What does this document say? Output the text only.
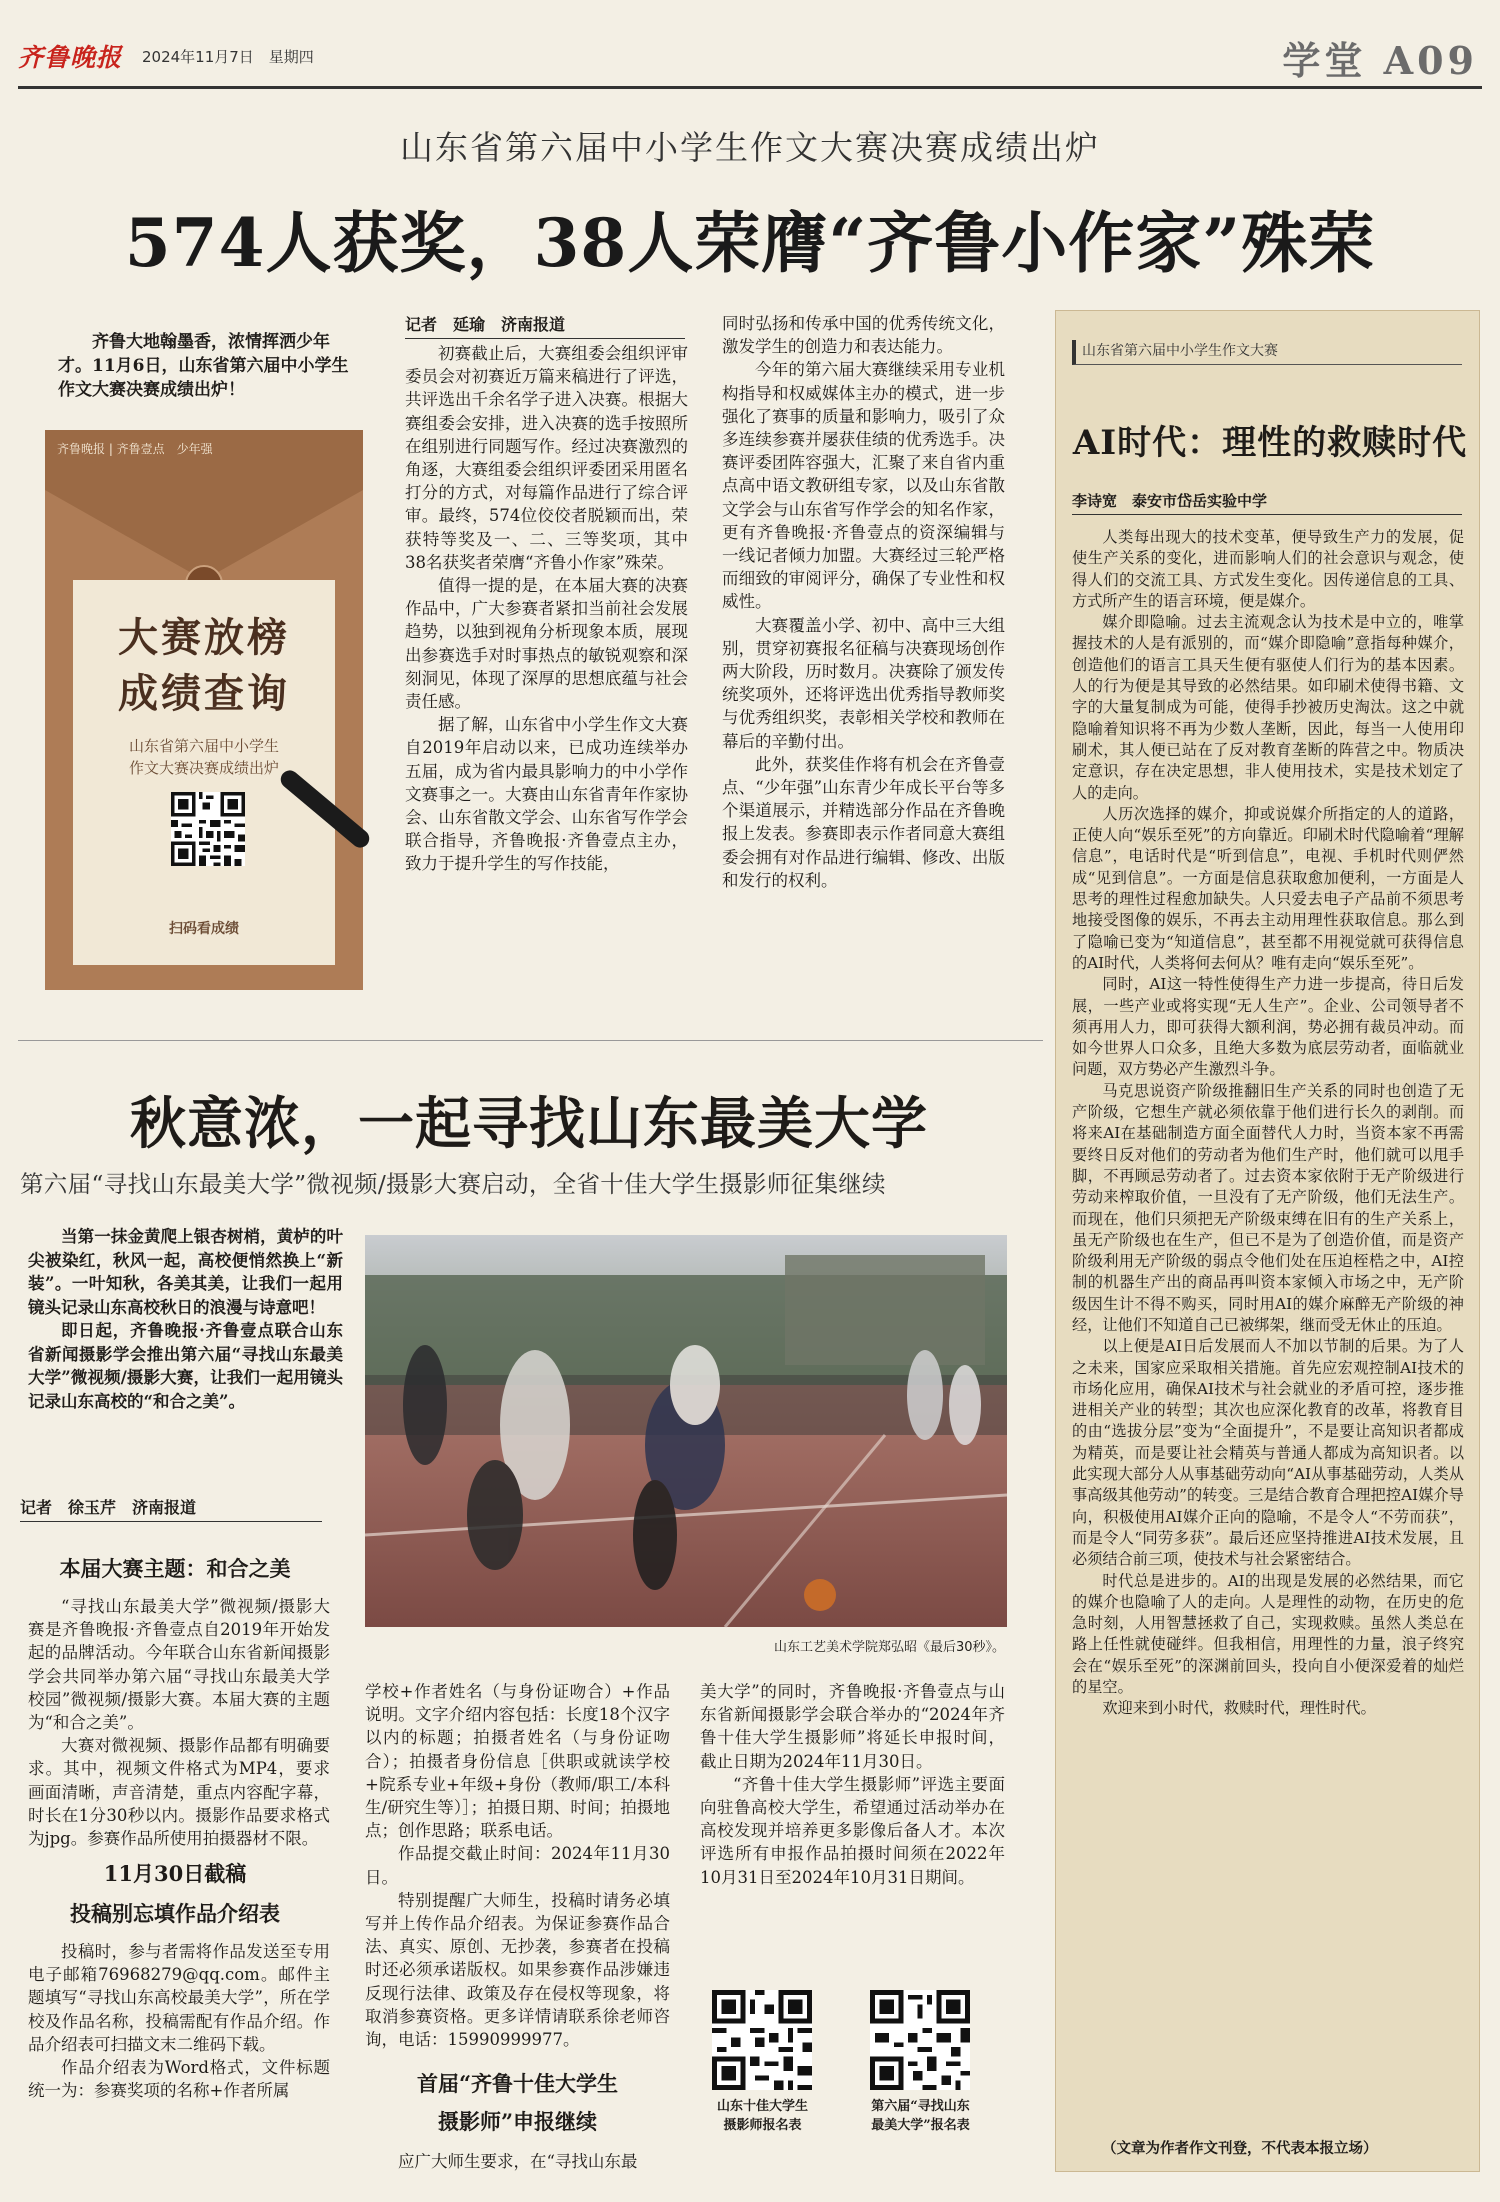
齐鲁晚报 2024年11月7日　星期四	学堂 A09
山东省第六届中小学生作文大赛决赛成绩出炉
574人获奖，38人荣膺“齐鲁小作家”殊荣

齐鲁大地翰墨香，浓情挥洒少年才。11月6日，山东省第六届中小学生作文大赛决赛成绩出炉！

齐鲁晚报 | 齐鲁壹点　少年强
大赛放榜
成绩查询
山东省第六届中小学生
作文大赛决赛成绩出炉
扫码看成绩
记者　延瑜　济南报道

初赛截止后，大赛组委会组织评审委员会对初赛近万篇来稿进行了评选，共评选出千余名学子进入决赛。根据大赛组委会安排，进入决赛的选手按照所在组别进行同题写作。经过决赛激烈的角逐，大赛组委会组织评委团采用匿名打分的方式，对每篇作品进行了综合评审。最终，574位佼佼者脱颖而出，荣获特等奖及一、二、三等奖项，其中38名获奖者荣膺“齐鲁小作家”殊荣。

值得一提的是，在本届大赛的决赛作品中，广大参赛者紧扣当前社会发展趋势，以独到视角分析现象本质，展现出参赛选手对时事热点的敏锐观察和深刻洞见，体现了深厚的思想底蕴与社会责任感。

据了解，山东省中小学生作文大赛自2019年启动以来，已成功连续举办五届，成为省内最具影响力的中小学作文赛事之一。大赛由山东省青年作家协会、山东省散文学会、山东省写作学会联合指导，齐鲁晚报·齐鲁壹点主办，致力于提升学生的写作技能，

同时弘扬和传承中国的优秀传统文化，激发学生的创造力和表达能力。

今年的第六届大赛继续采用专业机构指导和权威媒体主办的模式，进一步强化了赛事的质量和影响力，吸引了众多连续参赛并屡获佳绩的优秀选手。决赛评委团阵容强大，汇聚了来自省内重点高中语文教研组专家，以及山东省散文学会与山东省写作学会的知名作家，更有齐鲁晚报·齐鲁壹点的资深编辑与一线记者倾力加盟。大赛经过三轮严格而细致的审阅评分，确保了专业性和权威性。

大赛覆盖小学、初中、高中三大组别，贯穿初赛报名征稿与决赛现场创作两大阶段，历时数月。决赛除了颁发传统奖项外，还将评选出优秀指导教师奖与优秀组织奖，表彰相关学校和教师在幕后的辛勤付出。

此外，获奖佳作将有机会在齐鲁壹点、“少年强”山东青少年成长平台等多个渠道展示，并精选部分作品在齐鲁晚报上发表。参赛即表示作者同意大赛组委会拥有对作品进行编辑、修改、出版和发行的权利。

山东省第六届中小学生作文大赛
AI时代：理性的救赎时代
李诗宽　泰安市岱岳实验中学

人类每出现大的技术变革，便导致生产力的发展，促使生产关系的变化，进而影响人们的社会意识与观念，使得人们的交流工具、方式发生变化。因传递信息的工具、方式所产生的语言环境，便是媒介。

媒介即隐喻。过去主流观念认为技术是中立的，唯掌握技术的人是有派别的，而“媒介即隐喻”意指每种媒介，创造他们的语言工具天生便有驱使人们行为的基本因素。人的行为便是其导致的必然结果。如印刷术使得书籍、文字的大量复制成为可能，使得手抄被历史淘汰。这之中就隐喻着知识将不再为少数人垄断，因此，每当一人使用印刷术，其人便已站在了反对教育垄断的阵营之中。物质决定意识，存在决定思想，非人使用技术，实是技术划定了人的走向。

人历次选择的媒介，抑或说媒介所指定的人的道路，正使人向“娱乐至死”的方向靠近。印刷术时代隐喻着“理解信息”，电话时代是“听到信息”，电视、手机时代则俨然成“见到信息”。一方面是信息获取愈加便利，一方面是人思考的理性过程愈加缺失。人只爱去电子产品前不须思考地接受图像的娱乐，不再去主动用理性获取信息。那么到了隐喻已变为“知道信息”，甚至都不用视觉就可获得信息的AI时代，人类将何去何从？唯有走向“娱乐至死”。

同时，AI这一特性使得生产力进一步提高，待日后发展，一些产业或将实现“无人生产”。企业、公司领导者不须再用人力，即可获得大额利润，势必拥有裁员冲动。而如今世界人口众多，且绝大多数为底层劳动者，面临就业问题，双方势必产生激烈斗争。

马克思说资产阶级推翻旧生产关系的同时也创造了无产阶级，它想生产就必须依靠于他们进行长久的剥削。而将来AI在基础制造方面全面替代人力时，当资本家不再需要终日反对他们的劳动者为他们生产时，他们就可以甩手脚，不再顾忌劳动者了。过去资本家依附于无产阶级进行劳动来榨取价值，一旦没有了无产阶级，他们无法生产。而现在，他们只须把无产阶级束缚在旧有的生产关系上，虽无产阶级也在生产，但已不是为了创造价值，而是资产阶级利用无产阶级的弱点令他们处在压迫桎梏之中，AI控制的机器生产出的商品再叫资本家倾入市场之中，无产阶级因生计不得不购买，同时用AI的媒介麻醉无产阶级的神经，让他们不知道自己已被绑架，继而受无休止的压迫。

以上便是AI日后发展而人不加以节制的后果。为了人之未来，国家应采取相关措施。首先应宏观控制AI技术的市场化应用，确保AI技术与社会就业的矛盾可控，逐步推进相关产业的转型；其次也应深化教育的改革，将教育目的由“选拔分层”变为“全面提升”，不是要让高知识者都成为精英，而是要让社会精英与普通人都成为高知识者。以此实现大部分人从事基础劳动向“AI从事基础劳动，人类从事高级其他劳动”的转变。三是结合教育合理把控AI媒介导向，积极使用AI媒介正向的隐喻，不是令人“不劳而获”，而是令人“同劳多获”。最后还应坚持推进AI技术发展，且必须结合前三项，使技术与社会紧密结合。

时代总是进步的。AI的出现是发展的必然结果，而它的媒介也隐喻了人的走向。人是理性的动物，在历史的危急时刻，人用智慧拯救了自己，实现救赎。虽然人类总在路上任性就使碰绊。但我相信，用理性的力量，浪子终究会在“娱乐至死”的深渊前回头，投向自小便深爱着的灿烂的星空。

欢迎来到小时代，救赎时代，理性时代。

（文章为作者作文刊登，不代表本报立场）
秋意浓，一起寻找山东最美大学
第六届“寻找山东最美大学”微视频/摄影大赛启动，全省十佳大学生摄影师征集继续

当第一抹金黄爬上银杏树梢，黄栌的叶尖被染红，秋风一起，高校便悄然换上“新装”。一叶知秋，各美其美，让我们一起用镜头记录山东高校秋日的浪漫与诗意吧！

即日起，齐鲁晚报·齐鲁壹点联合山东省新闻摄影学会推出第六届“寻找山东最美大学”微视频/摄影大赛，让我们一起用镜头记录山东高校的“和合之美”。

记者　徐玉芹　济南报道
山东工艺美术学院郑弘昭《最后30秒》。
本届大赛主题：和合之美

“寻找山东最美大学”微视频/摄影大赛是齐鲁晚报·齐鲁壹点自2019年开始发起的品牌活动。今年联合山东省新闻摄影学会共同举办第六届“寻找山东最美大学校园”微视频/摄影大赛。本届大赛的主题为“和合之美”。

大赛对微视频、摄影作品都有明确要求。其中，视频文件格式为MP4，要求画面清晰，声音清楚，重点内容配字幕，时长在1分30秒以内。摄影作品要求格式为jpg。参赛作品所使用拍摄器材不限。

11月30日截稿
投稿别忘填作品介绍表

投稿时，参与者需将作品发送至专用电子邮箱76968279@qq.com。邮件主题填写“寻找山东高校最美大学”，所在学校及作品名称，投稿需配有作品介绍。作品介绍表可扫描文末二维码下载。

作品介绍表为Word格式，文件标题统一为：参赛奖项的名称+作者所属

学校+作者姓名（与身份证吻合）+作品说明。文字介绍内容包括：长度18个汉字以内的标题；拍摄者姓名（与身份证吻合）；拍摄者身份信息［供职或就读学校+院系专业+年级+身份（教师/职工/本科生/研究生等）］；拍摄日期、时间；拍摄地点；创作思路；联系电话。

作品提交截止时间：2024年11月30日。

特别提醒广大师生，投稿时请务必填写并上传作品介绍表。为保证参赛作品合法、真实、原创、无抄袭，参赛者在投稿时还必须承诺版权。如果参赛作品涉嫌违反现行法律、政策及存在侵权等现象，将取消参赛资格。更多详情请联系徐老师咨询，电话：15990999977。

首届“齐鲁十佳大学生
摄影师”申报继续

应广大师生要求，在“寻找山东最

美大学”的同时，齐鲁晚报·齐鲁壹点与山东省新闻摄影学会联合举办的“2024年齐鲁十佳大学生摄影师”将延长申报时间，截止日期为2024年11月30日。

“齐鲁十佳大学生摄影师”评选主要面向驻鲁高校大学生，希望通过活动举办在高校发现并培养更多影像后备人才。本次评选所有申报作品拍摄时间须在2022年10月31日至2024年10月31日期间。

山东十佳大学生
摄影师报名表
第六届“寻找山东
最美大学”报名表
